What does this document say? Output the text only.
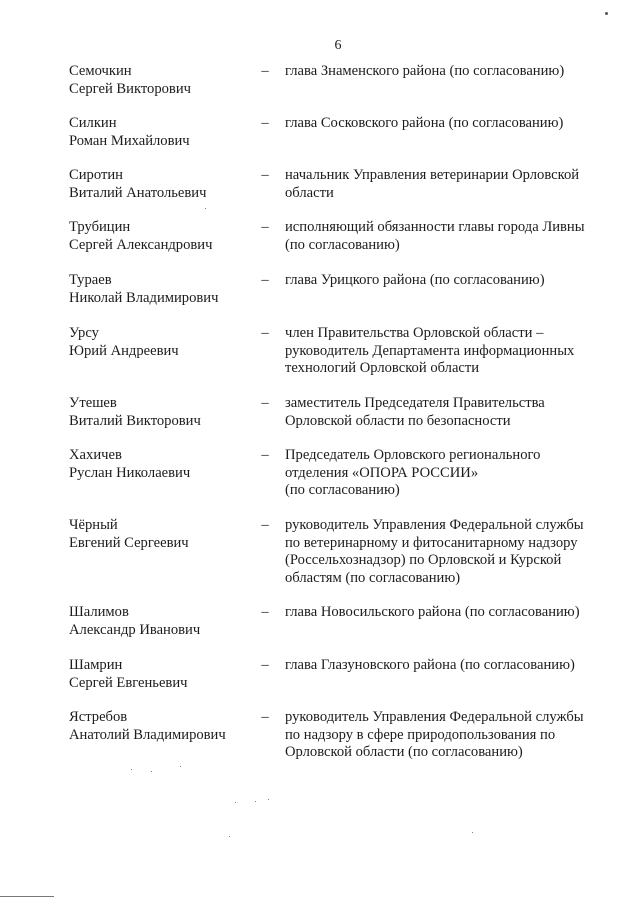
6
Семочкин
Сергей Викторович
– глава Знаменского района (по согласованию)
Силкин
Роман Михайлович
– глава Сосковского района (по согласованию)
Сиротин
Виталий Анатольевич
– начальник Управления ветеринарии Орловской
области
Трубицин
Сергей Александрович
– исполняющий обязанности главы города Ливны
(по согласованию)
Тураев
Николай Владимирович
– глава Урицкого района (по согласованию)
Урсу
Юрий Андреевич
– член Правительства Орловской области –
руководитель Департамента информационных
технологий Орловской области
Утешев
Виталий Викторович
– заместитель Председателя Правительства
Орловской области по безопасности
Хахичев
Руслан Николаевич
– Председатель Орловского регионального
отделения «ОПОРА РОССИИ»
(по согласованию)
Чёрный
Евгений Сергеевич
– руководитель Управления Федеральной службы
по ветеринарному и фитосанитарному надзору
(Россельхознадзор) по Орловской и Курской
областям (по согласованию)
Шалимов
Александр Иванович
– глава Новосильского района (по согласованию)
Шамрин
Сергей Евгеньевич
– глава Глазуновского района (по согласованию)
Ястребов
Анатолий Владимирович
– руководитель Управления Федеральной службы
по надзору в сфере природопользования по
Орловской области (по согласованию)
